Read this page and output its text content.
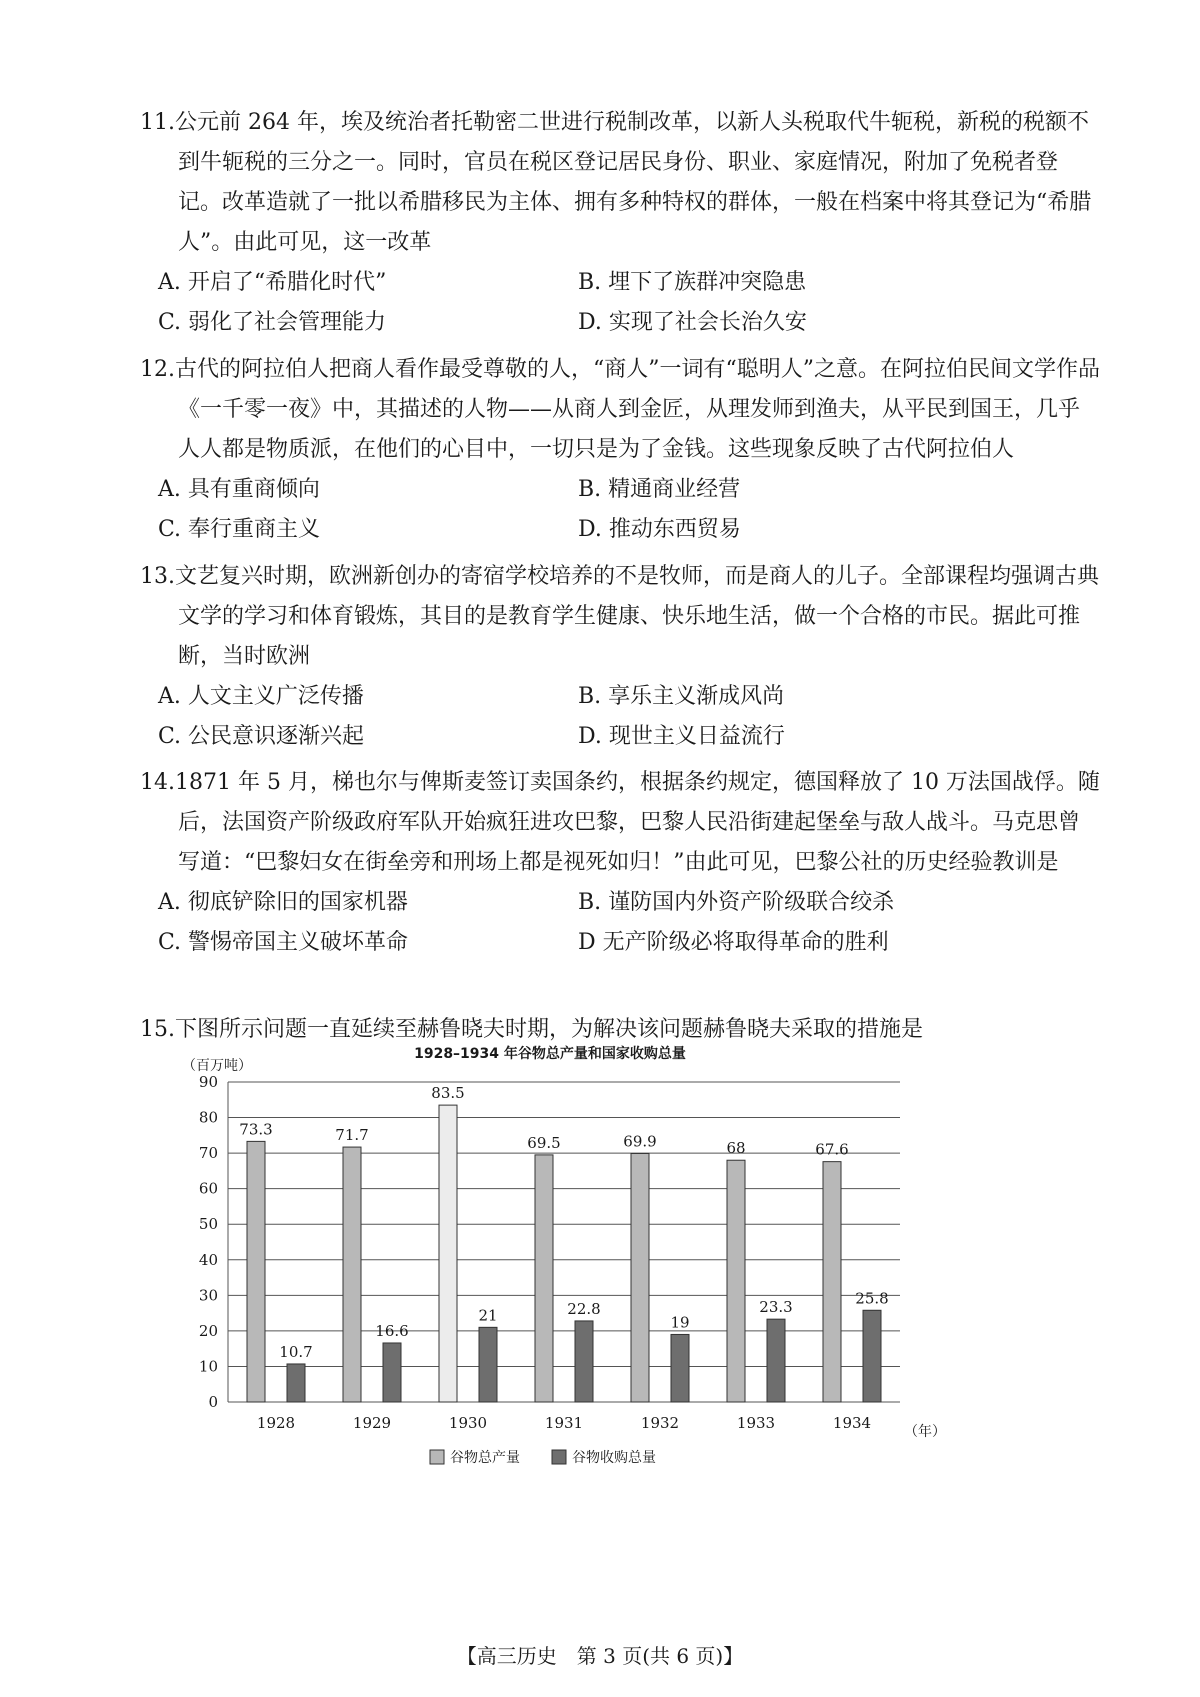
11.公元前 264 年，埃及统治者托勒密二世进行税制改革，以新人头税取代牛轭税，新税的税额不到牛轭税的三分之一。同时，官员在税区登记居民身份、职业、家庭情况，附加了免税者登记。改革造就了一批以希腊移民为主体、拥有多种特权的群体，一般在档案中将其登记为“希腊人”。由此可见，这一改革

A. 开启了“希腊化时代”	B. 埋下了族群冲突隐患
C. 弱化了社会管理能力	D. 实现了社会长治久安

12.古代的阿拉伯人把商人看作最受尊敬的人，“商人”一词有“聪明人”之意。在阿拉伯民间文学作品《一千零一夜》中，其描述的人物——从商人到金匠，从理发师到渔夫，从平民到国王，几乎人人都是物质派，在他们的心目中，一切只是为了金钱。这些现象反映了古代阿拉伯人

A. 具有重商倾向	B. 精通商业经营
C. 奉行重商主义	D. 推动东西贸易

13.文艺复兴时期，欧洲新创办的寄宿学校培养的不是牧师，而是商人的儿子。全部课程均强调古典文学的学习和体育锻炼，其目的是教育学生健康、快乐地生活，做一个合格的市民。据此可推断，当时欧洲

A. 人文主义广泛传播	B. 享乐主义渐成风尚
C. 公民意识逐渐兴起	D. 现世主义日益流行

14.1871 年 5 月，梯也尔与俾斯麦签订卖国条约，根据条约规定，德国释放了 10 万法国战俘。随后，法国资产阶级政府军队开始疯狂进攻巴黎，巴黎人民沿街建起堡垒与敌人战斗。马克思曾写道：“巴黎妇女在街垒旁和刑场上都是视死如归！”由此可见，巴黎公社的历史经验教训是

A. 彻底铲除旧的国家机器	B. 谨防国内外资产阶级联合绞杀
C. 警惕帝国主义破坏革命	D 无产阶级必将取得革命的胜利

15.下图所示问题一直延续至赫鲁晓夫时期，为解决该问题赫鲁晓夫采取的措施是

1928–1934 年谷物总产量和国家收购总量
（百万吨）
（年）
0
10
20
30
40
50
60
70
80
90
73.3
10.7
71.7
16.6
83.5
21
69.5
22.8
69.9
19
68
23.3
67.6
25.8
1928	1929	1930	1931	1932	1933	1934
谷物总产量	谷物收购总量
【高三历史　第 3 页(共 6 页)】
